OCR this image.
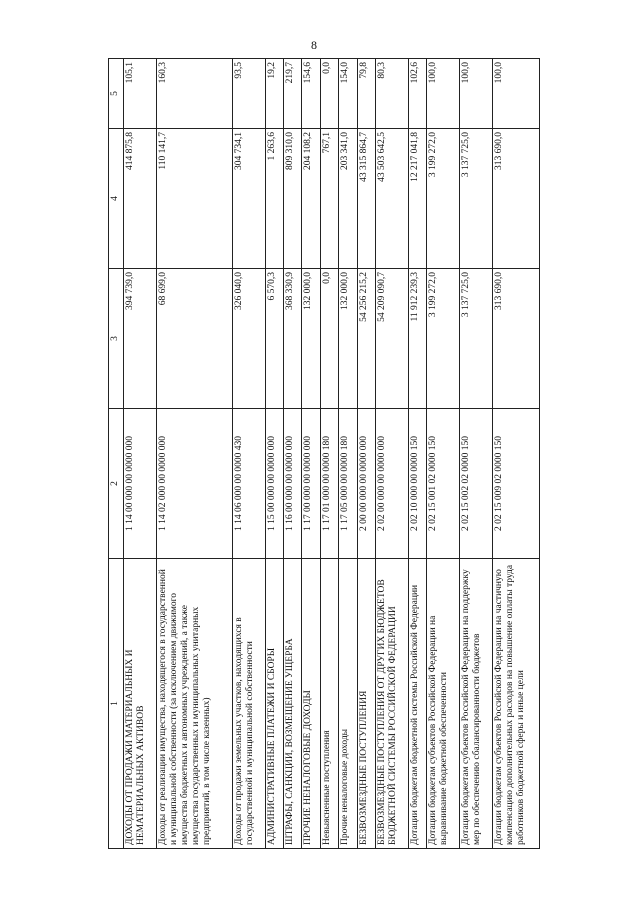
8
1	2	3	4	5
ДОХОДЫ ОТ ПРОДАЖИ МАТЕРИАЛЬНЫХ И НЕМАТЕРИАЛЬНЫХ АКТИВОВ	1 14 00 000 00 0000 000	394 739,0	414 875,8	105,1
Доходы от реализации имущества, находящегося в государственной и муниципальной собственности (за исключением движимого имущества бюджетных и автономных учреждений, а также имущества государственных и муниципальных унитарных предприятий, в том числе казенных)	1 14 02 000 00 0000 000	68 699,0	110 141,7	160,3
Доходы от продажи земельных участков, находящихся в государственной и муниципальной собственности	1 14 06 000 00 0000 430	326 040,0	304 734,1	93,5
АДМИНИСТРАТИВНЫЕ ПЛАТЕЖИ И СБОРЫ	1 15 00 000 00 0000 000	6 570,3	1 263,6	19,2
ШТРАФЫ, САНКЦИИ, ВОЗМЕЩЕНИЕ УЩЕРБА	1 16 00 000 00 0000 000	368 330,9	809 310,0	219,7
ПРОЧИЕ НЕНАЛОГОВЫЕ ДОХОДЫ	1 17 00 000 00 0000 000	132 000,0	204 108,2	154,6
Невыясненные поступления	1 17 01 000 00 0000 180	0,0	767,1	0,0
Прочие неналоговые доходы	1 17 05 000 00 0000 180	132 000,0	203 341,0	154,0
БЕЗВОЗМЕЗДНЫЕ ПОСТУПЛЕНИЯ	2 00 00 000 00 0000 000	54 256 215,2	43 315 864,7	79,8
БЕЗВОЗМЕЗДНЫЕ ПОСТУПЛЕНИЯ ОТ ДРУГИХ БЮДЖЕТОВ БЮДЖЕТНОЙ СИСТЕМЫ РОССИЙСКОЙ ФЕДЕРАЦИИ	2 02 00 000 00 0000 000	54 209 090,7	43 503 642,5	80,3
Дотации бюджетам бюджетной системы Российской Федерации	2 02 10 000 00 0000 150	11 912 239,3	12 217 041,8	102,6
Дотации бюджетам субъектов Российской Федерации на выравнивание бюджетной обеспеченности	2 02 15 001 02 0000 150	3 199 272,0	3 199 272,0	100,0
Дотации бюджетам субъектов Российской Федерации на поддержку мер по обеспечению сбалансированности бюджетов	2 02 15 002 02 0000 150	3 137 725,0	3 137 725,0	100,0
Дотации бюджетам субъектов Российской Федерации на частичную компенсацию дополнительных расходов на повышение оплаты труда работников бюджетной сферы и иные цели	2 02 15 009 02 0000 150	313 690,0	313 690,0	100,0
